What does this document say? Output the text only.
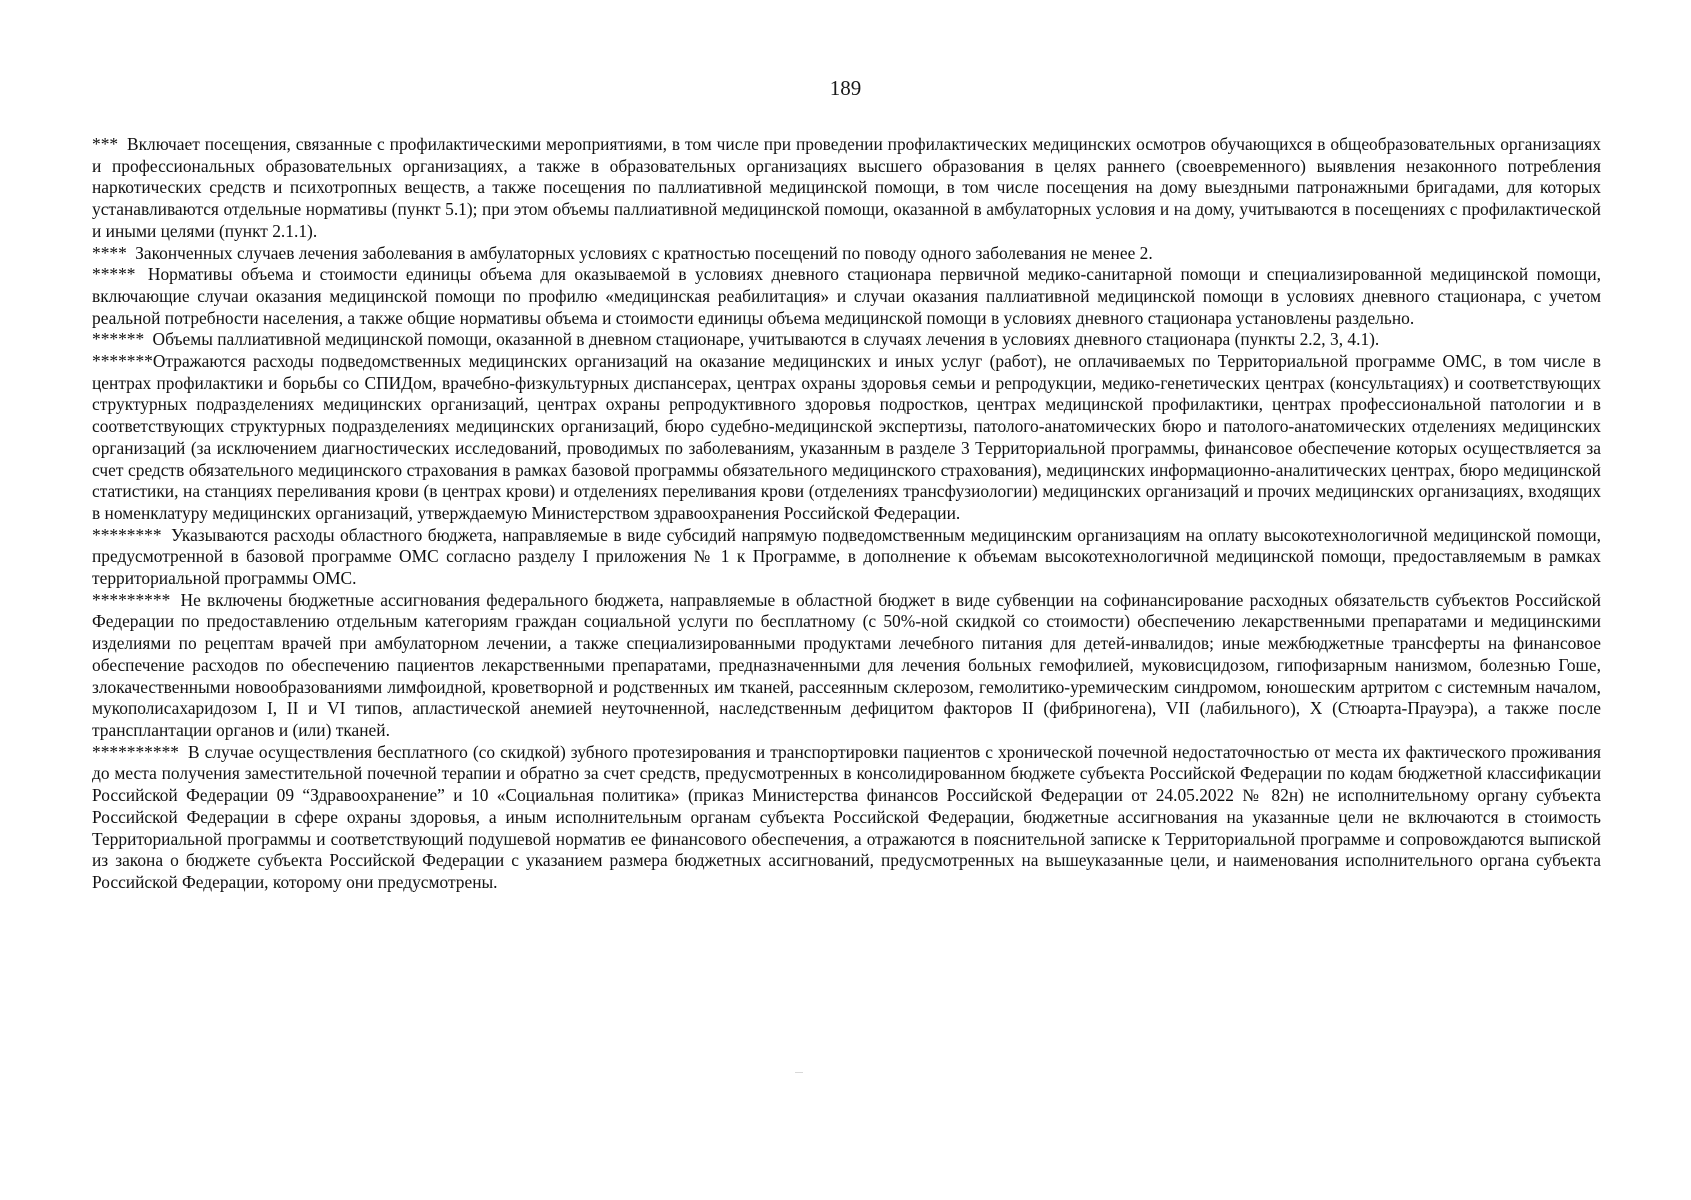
189

*** Включает посещения, связанные с профилактическими мероприятиями, в том числе при проведении профилактических медицинских осмотров обучающихся в общеобразовательных организациях и профессиональных образовательных организациях, а также в образовательных организациях высшего образования в целях раннего (своевременного) выявления незаконного потребления наркотических средств и психотропных веществ, а также посещения по паллиативной медицинской помощи, в том числе посещения на дому выездными патронажными бригадами, для которых устанавливаются отдельные нормативы (пункт 5.1); при этом объемы паллиативной медицинской помощи, оказанной в амбулаторных условия и на дому, учитываются в посещениях с профилактической и иными целями (пункт 2.1.1).

**** Законченных случаев лечения заболевания в амбулаторных условиях с кратностью посещений по поводу одного заболевания не менее 2.

***** Нормативы объема и стоимости единицы объема для оказываемой в условиях дневного стационара первичной медико-санитарной помощи и специализированной медицинской помощи, включающие случаи оказания медицинской помощи по профилю «медицинская реабилитация» и случаи оказания паллиативной медицинской помощи в условиях дневного стационара, с учетом реальной потребности населения, а также общие нормативы объема и стоимости единицы объема медицинской помощи в условиях дневного стационара установлены раздельно.

****** Объемы паллиативной медицинской помощи, оказанной в дневном стационаре, учитываются в случаях лечения в условиях дневного стационара (пункты 2.2, 3, 4.1).

*******Отражаются расходы подведомственных медицинских организаций на оказание медицинских и иных услуг (работ), не оплачиваемых по Территориальной программе ОМС, в том числе в центрах профилактики и борьбы со СПИДом, врачебно-физкультурных диспансерах, центрах охраны здоровья семьи и репродукции, медико-генетических центрах (консультациях) и соответствующих структурных подразделениях медицинских организаций, центрах охраны репродуктивного здоровья подростков, центрах медицинской профилактики, центрах профессиональной патологии и в соответствующих структурных подразделениях медицинских организаций, бюро судебно-медицинской экспертизы, патолого-анатомических бюро и патолого-анатомических отделениях медицинских организаций (за исключением диагностических исследований, проводимых по заболеваниям, указанным в разделе 3 Территориальной программы, финансовое обеспечение которых осуществляется за счет средств обязательного медицинского страхования в рамках базовой программы обязательного медицинского страхования), медицинских информационно-аналитических центрах, бюро медицинской статистики, на станциях переливания крови (в центрах крови) и отделениях переливания крови (отделениях трансфузиологии) медицинских организаций и прочих медицинских организациях, входящих в номенклатуру медицинских организаций, утверждаемую Министерством здравоохранения Российской Федерации.

******** Указываются расходы областного бюджета, направляемые в виде субсидий напрямую подведомственным медицинским организациям на оплату высокотехнологичной медицинской помощи, предусмотренной в базовой программе ОМС согласно разделу I приложения № 1 к Программе, в дополнение к объемам высокотехнологичной медицинской помощи, предоставляемым в рамках территориальной программы ОМС.

********* Не включены бюджетные ассигнования федерального бюджета, направляемые в областной бюджет в виде субвенции на софинансирование расходных обязательств субъектов Российской Федерации по предоставлению отдельным категориям граждан социальной услуги по бесплатному (с 50%-ной скидкой со стоимости) обеспечению лекарственными препаратами и медицинскими изделиями по рецептам врачей при амбулаторном лечении, а также специализированными продуктами лечебного питания для детей-инвалидов; иные межбюджетные трансферты на финансовое обеспечение расходов по обеспечению пациентов лекарственными препаратами, предназначенными для лечения больных гемофилией, муковисцидозом, гипофизарным нанизмом, болезнью Гоше, злокачественными новообразованиями лимфоидной, кроветворной и родственных им тканей, рассеянным склерозом, гемолитико-уремическим синдромом, юношеским артритом с системным началом, мукополисахаридозом I, II и VI типов, апластической анемией неуточненной, наследственным дефицитом факторов II (фибриногена), VII (лабильного), X (Стюарта-Прауэра), а также после трансплантации органов и (или) тканей.

********** В случае осуществления бесплатного (со скидкой) зубного протезирования и транспортировки пациентов с хронической почечной недостаточностью от места их фактического проживания до места получения заместительной почечной терапии и обратно за счет средств, предусмотренных в консолидированном бюджете субъекта Российской Федерации по кодам бюджетной классификации Российской Федерации 09 “Здравоохранение” и 10 «Социальная политика» (приказ Министерства финансов Российской Федерации от 24.05.2022 № 82н) не исполнительному органу субъекта Российской Федерации в сфере охраны здоровья, а иным исполнительным органам субъекта Российской Федерации, бюджетные ассигнования на указанные цели не включаются в стоимость Территориальной программы и соответствующий подушевой норматив ее финансового обеспечения, а отражаются в пояснительной записке к Территориальной программе и сопровождаются выпиской из закона о бюджете субъекта Российской Федерации с указанием размера бюджетных ассигнований, предусмотренных на вышеуказанные цели, и наименования исполнительного органа субъекта Российской Федерации, которому они предусмотрены.
